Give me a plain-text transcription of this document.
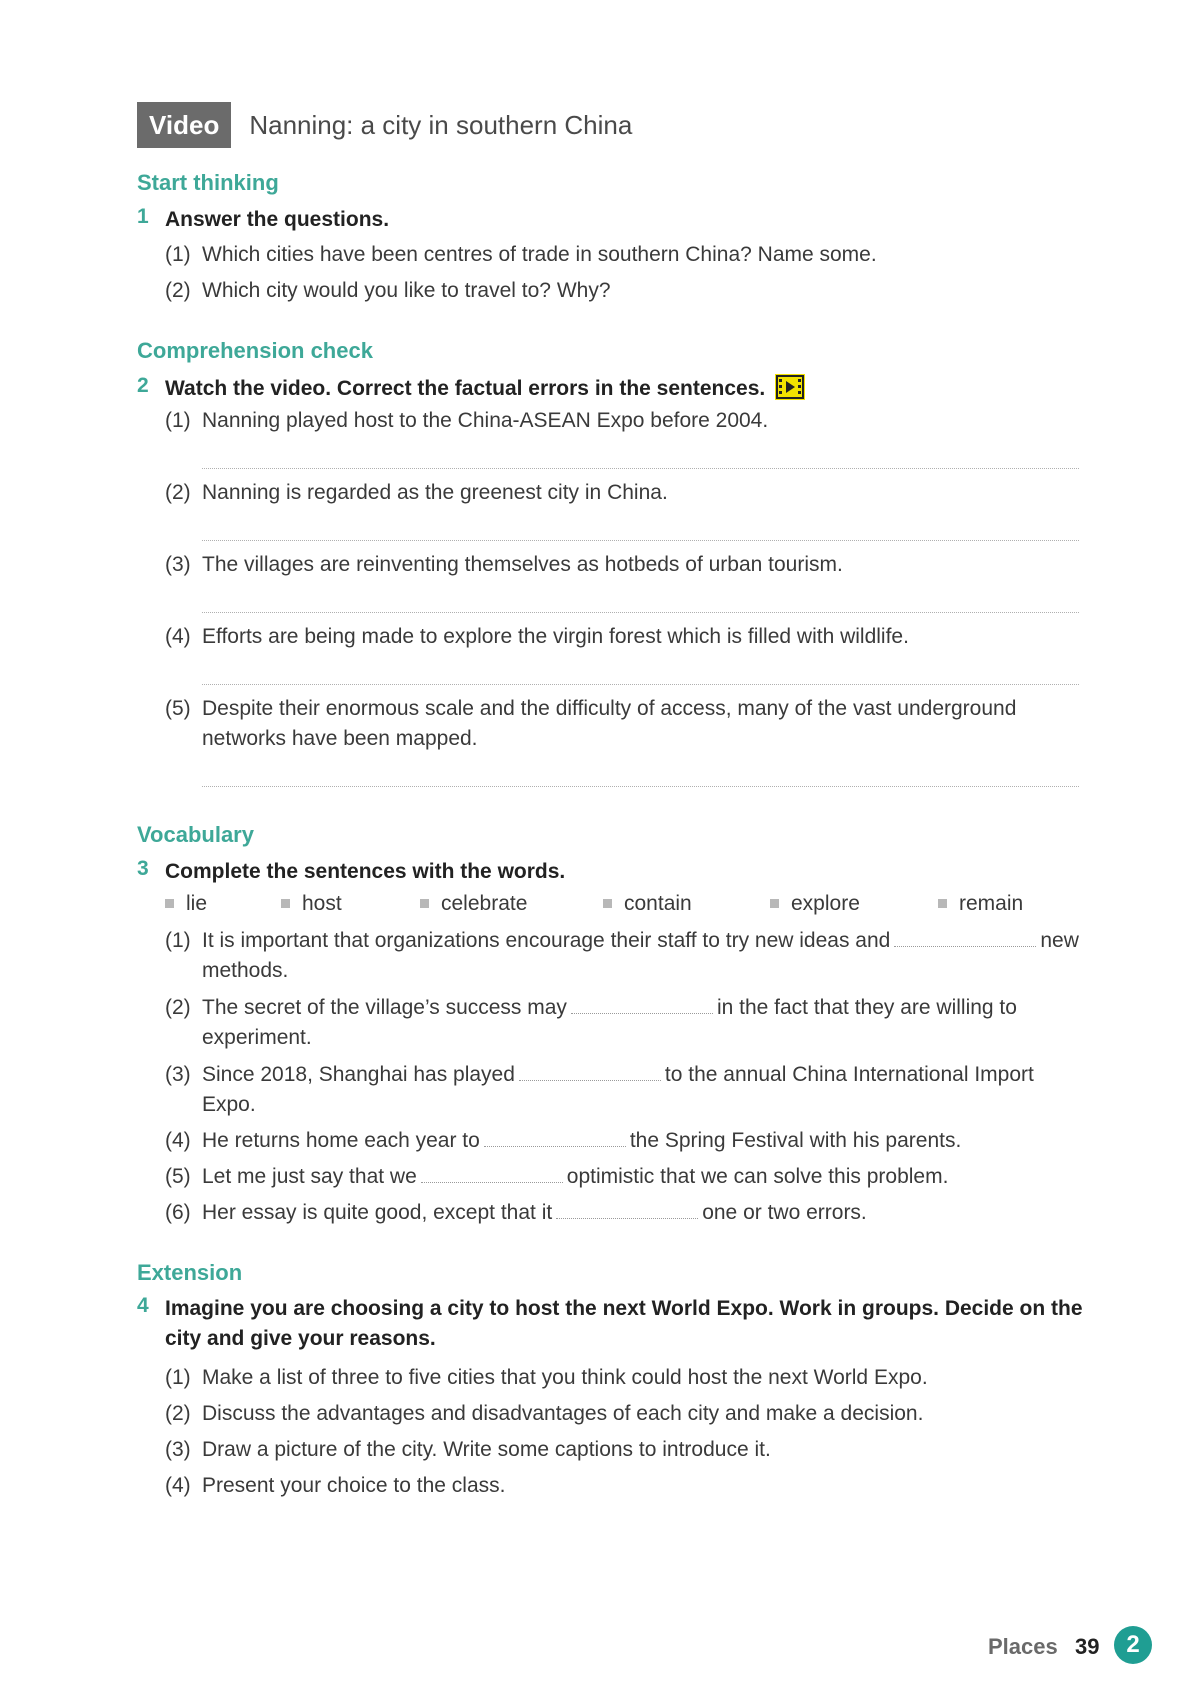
Video	Nanning: a city in southern China
Start thinking
1 Answer the questions.
(1) Which cities have been centres of trade in southern China? Name some.
(2) Which city would you like to travel to? Why?
Comprehension check
2 Watch the video. Correct the factual errors in the sentences.
(1) Nanning played host to the China-ASEAN Expo before 2004.
(2) Nanning is regarded as the greenest city in China.
(3) The villages are reinventing themselves as hotbeds of urban tourism.
(4) Efforts are being made to explore the virgin forest which is filled with wildlife.
(5) Despite their enormous scale and the difficulty of access, many of the vast underground networks have been mapped.
Vocabulary
3 Complete the sentences with the words.
lie	host	celebrate	contain	explore	remain
(1) It is important that organizations encourage their staff to try new ideas and	new methods.
(2) The secret of the village’s success may	in the fact that they are willing to experiment.
(3) Since 2018, Shanghai has played	to the annual China International Import Expo.
(4) He returns home each year to	the Spring Festival with his parents.
(5) Let me just say that we	optimistic that we can solve this problem.
(6) Her essay is quite good, except that it	one or two errors.
Extension
4 Imagine you are choosing a city to host the next World Expo. Work in groups. Decide on the city and give your reasons.
(1) Make a list of three to five cities that you think could host the next World Expo.
(2) Discuss the advantages and disadvantages of each city and make a decision.
(3) Draw a picture of the city. Write some captions to introduce it.
(4) Present your choice to the class.
Places 39	2
